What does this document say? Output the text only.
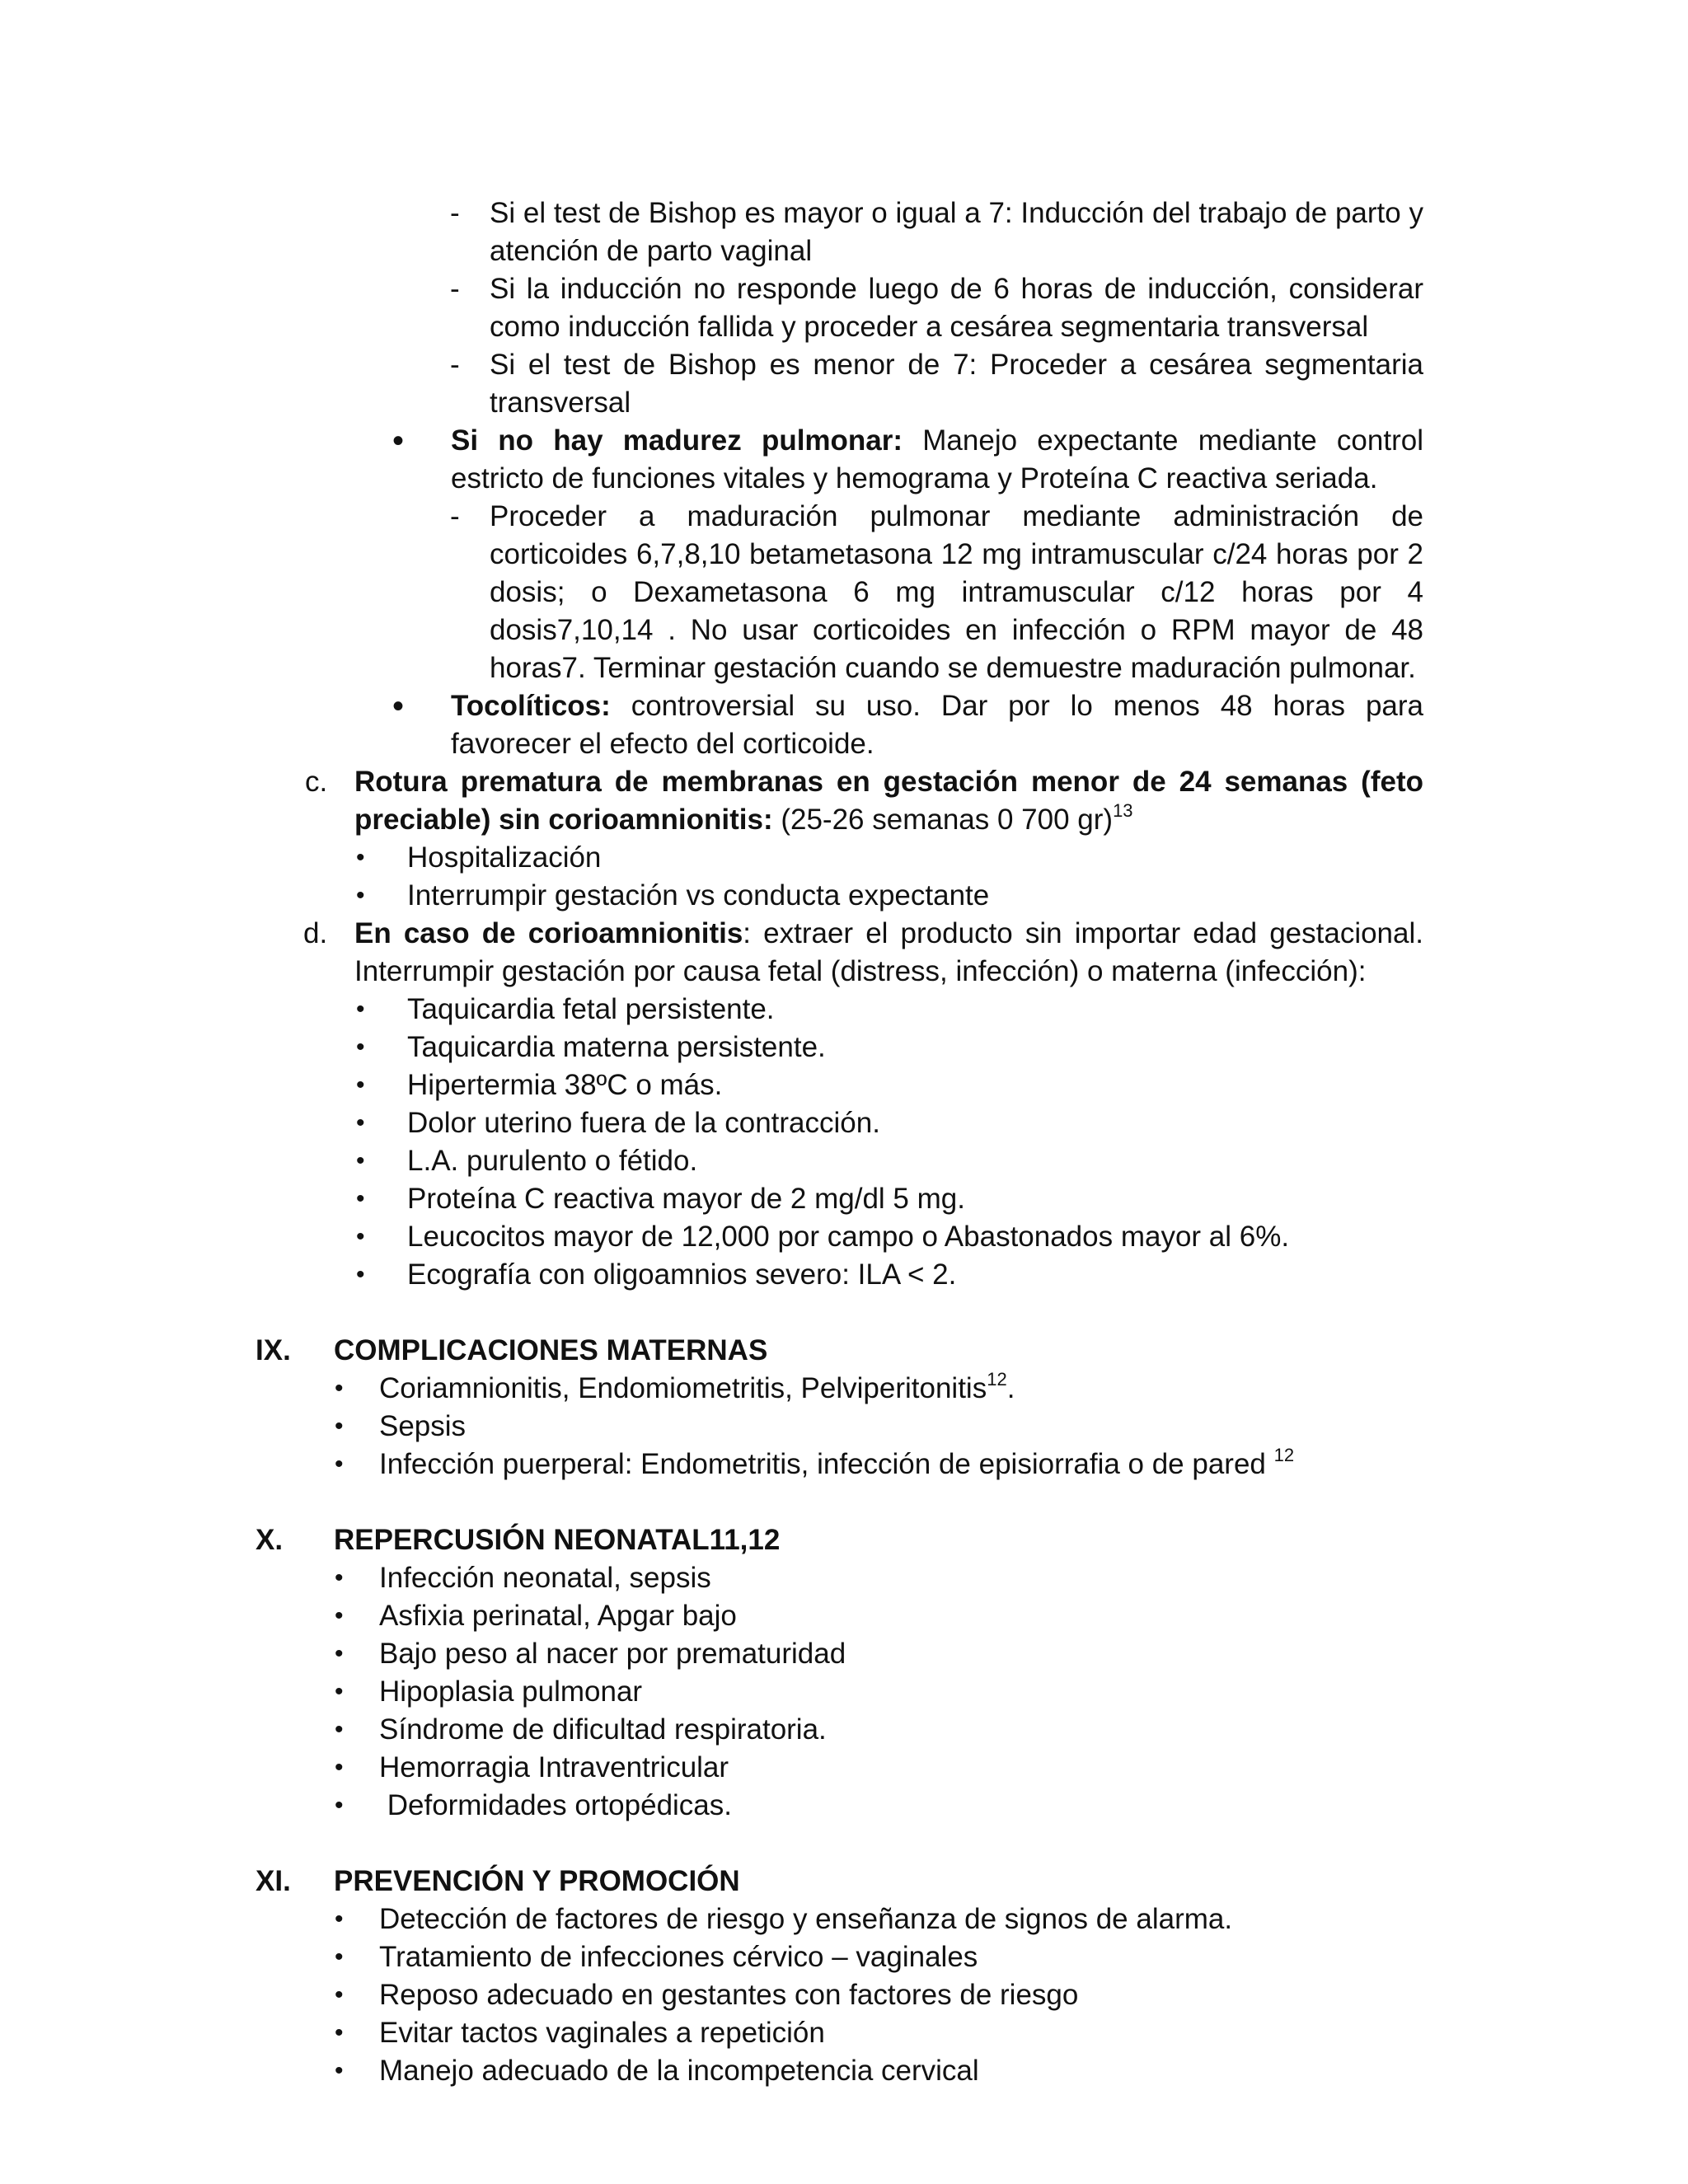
- Si el test de Bishop es mayor o igual a 7: Inducción del trabajo de parto y atención de parto vaginal

- Si la inducción no responde luego de 6 horas de inducción, considerar como inducción fallida y proceder a cesárea segmentaria transversal

- Si el test de Bishop es menor de 7: Proceder a cesárea segmentaria transversal

• Si no hay madurez pulmonar: Manejo expectante mediante control estricto de funciones vitales y hemograma y Proteína C reactiva seriada.

- Proceder a maduración pulmonar mediante administración de corticoides 6,7,8,10 betametasona 12 mg intramuscular c/24 horas por 2 dosis; o Dexametasona 6 mg intramuscular c/12 horas por 4 dosis7,10,14 . No usar corticoides en infección o RPM mayor de 48 horas7. Terminar gestación cuando se demuestre maduración pulmonar.

• Tocolíticos: controversial su uso. Dar por lo menos 48 horas para favorecer el efecto del corticoide.

c. Rotura prematura de membranas en gestación menor de 24 semanas (feto preciable) sin corioamnionitis: (25-26 semanas 0 700 gr)$^{13}$

• Hospitalización

• Interrumpir gestación vs conducta expectante

d. En caso de corioamnionitis: extraer el producto sin importar edad gestacional. Interrumpir gestación por causa fetal (distress, infección) o materna (infección):

• Taquicardia fetal persistente.

• Taquicardia materna persistente.

• Hipertermia 38ºC o más.

• Dolor uterino fuera de la contracción.

• L.A. purulento o fétido.

• Proteína C reactiva mayor de 2 mg/dl 5 mg.

• Leucocitos mayor de 12,000 por campo o Abastonados mayor al 6%.

• Ecografía con oligoamnios severo: ILA < 2.

IX. COMPLICACIONES MATERNAS

• Coriamnionitis, Endomiometritis, Pelviperitonitis$^{12}$.

• Sepsis

• Infección puerperal: Endometritis, infección de episiorrafia o de pared $^{12}$

X. REPERCUSIÓN NEONATAL11,12

• Infección neonatal, sepsis

• Asfixia perinatal, Apgar bajo

• Bajo peso al nacer por prematuridad

• Hipoplasia pulmonar

• Síndrome de dificultad respiratoria.

• Hemorragia Intraventricular

• Deformidades ortopédicas.

XI. PREVENCIÓN Y PROMOCIÓN

• Detección de factores de riesgo y enseñanza de signos de alarma.

• Tratamiento de infecciones cérvico – vaginales

• Reposo adecuado en gestantes con factores de riesgo

• Evitar tactos vaginales a repetición

• Manejo adecuado de la incompetencia cervical
